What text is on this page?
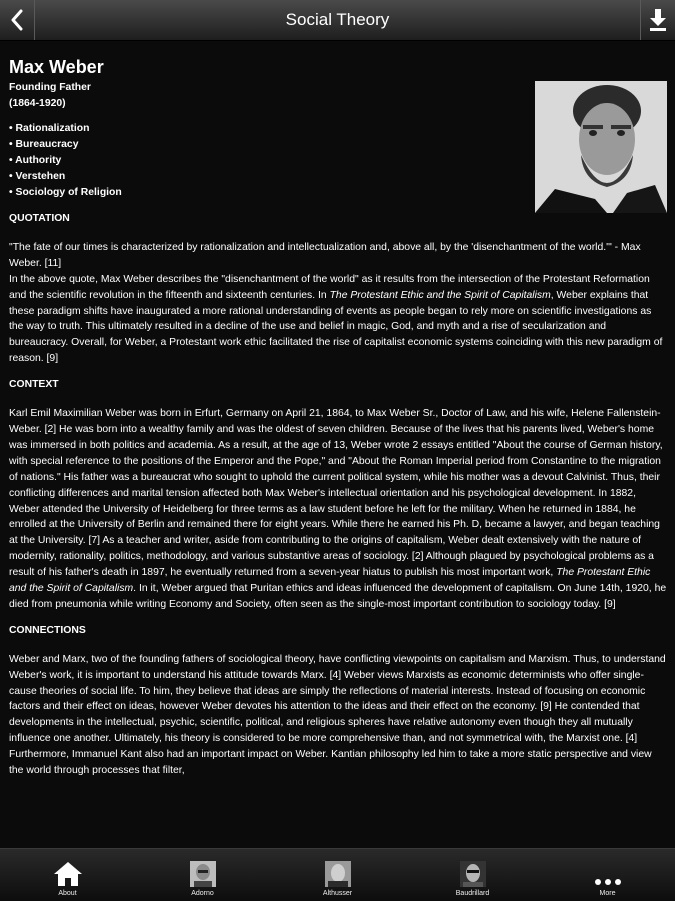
Social Theory
Max Weber
Founding Father
(1864-1920)
• Rationalization
• Bureaucracy
• Authority
• Verstehen
• Sociology of Religion
QUOTATION

"The fate of our times is characterized by rationalization and intellectualization and, above all, by the 'disenchantment of the world.'" - Max Weber. [11]

In the above quote, Max Weber describes the "disenchantment of the world" as it results from the intersection of the Protestant Reformation and the scientific revolution in the fifteenth and sixteenth centuries. In The Protestant Ethic and the Spirit of Capitalism, Weber explains that these paradigm shifts have inaugurated a more rational understanding of events as people began to rely more on scientific investigations as the way to truth. This ultimately resulted in a decline of the use and belief in magic, God, and myth and a rise of secularization and bureaucracy. Overall, for Weber, a Protestant work ethic facilitated the rise of capitalist economic systems coinciding with this new paradigm of reason. [9]

CONTEXT

Karl Emil Maximilian Weber was born in Erfurt, Germany on April 21, 1864, to Max Weber Sr., Doctor of Law, and his wife, Helene Fallenstein-Weber. [2] He was born into a wealthy family and was the oldest of seven children. Because of the lives that his parents lived, Weber's home was immersed in both politics and academia. As a result, at the age of 13, Weber wrote 2 essays entitled "About the course of German history, with special reference to the positions of the Emperor and the Pope," and "About the Roman Imperial period from Constantine to the migration of nations." His father was a bureaucrat who sought to uphold the current political system, while his mother was a devout Calvinist. Thus, their conflicting differences and marital tension affected both Max Weber's intellectual orientation and his psychological development. In 1882, Weber attended the University of Heidelberg for three terms as a law student before he left for the military. When he returned in 1884, he enrolled at the University of Berlin and remained there for eight years. While there he earned his Ph. D, became a lawyer, and began teaching at the University. [7] As a teacher and writer, aside from contributing to the origins of capitalism, Weber dealt extensively with the nature of modernity, rationality, politics, methodology, and various substantive areas of sociology. [2] Although plagued by psychological problems as a result of his father's death in 1897, he eventually returned from a seven-year hiatus to publish his most important work, The Protestant Ethic and the Spirit of Capitalism. In it, Weber argued that Puritan ethics and ideas influenced the development of capitalism. On June 14th, 1920, he died from pneumonia while writing Economy and Society, often seen as the single-most important contribution to sociology today. [9]

CONNECTIONS

Weber and Marx, two of the founding fathers of sociological theory, have conflicting viewpoints on capitalism and Marxism. Thus, to understand Weber's work, it is important to understand his attitude towards Marx. [4] Weber views Marxists as economic determinists who offer single-cause theories of social life. To him, they believe that ideas are simply the reflections of material interests. Instead of focusing on economic factors and their effect on ideas, however Weber devotes his attention to the ideas and their effect on the economy. [9] He contended that developments in the intellectual, psychic, scientific, political, and religious spheres have relative autonomy even though they all mutually influence one another. Ultimately, his theory is considered to be more comprehensive than, and not symmetrical with, the Marxist one. [4] Furthermore, Immanuel Kant also had an important impact on Weber. Kantian philosophy led him to take a more static perspective and view the world through processes that filter,

About	Adorno	Althusser	Baudrillard	More
